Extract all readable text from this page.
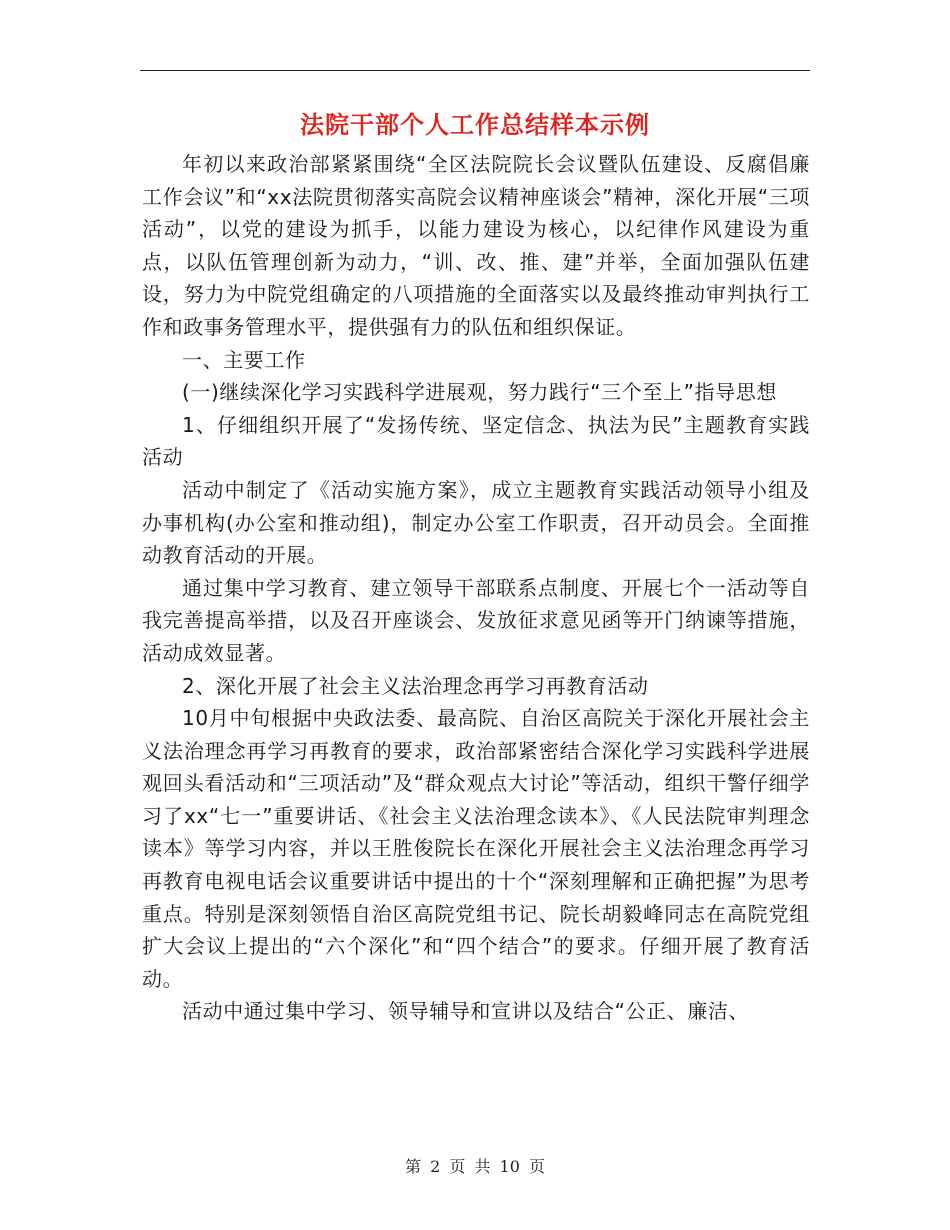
法院干部个人工作总结样本示例

年初以来政治部紧紧围绕“全区法院院长会议暨队伍建设、反腐倡廉工作会议”和“xx法院贯彻落实高院会议精神座谈会”精神，深化开展“三项活动”，以党的建设为抓手，以能力建设为核心，以纪律作风建设为重点，以队伍管理创新为动力，“训、改、推、建”并举，全面加强队伍建设，努力为中院党组确定的八项措施的全面落实以及最终推动审判执行工作和政事务管理水平，提供强有力的队伍和组织保证。

一、主要工作

(一)继续深化学习实践科学进展观，努力践行“三个至上”指导思想

1、仔细组织开展了“发扬传统、坚定信念、执法为民”主题教育实践活动

活动中制定了《活动实施方案》，成立主题教育实践活动领导小组及办事机构(办公室和推动组)，制定办公室工作职责，召开动员会。全面推动教育活动的开展。

通过集中学习教育、建立领导干部联系点制度、开展七个一活动等自我完善提高举措，以及召开座谈会、发放征求意见函等开门纳谏等措施，活动成效显著。

2、深化开展了社会主义法治理念再学习再教育活动

10月中旬根据中央政法委、最高院、自治区高院关于深化开展社会主义法治理念再学习再教育的要求，政治部紧密结合深化学习实践科学进展观回头看活动和“三项活动”及“群众观点大讨论”等活动，组织干警仔细学习了xx“七一”重要讲话、《社会主义法治理念读本》、《人民法院审判理念读本》等学习内容，并以王胜俊院长在深化开展社会主义法治理念再学习再教育电视电话会议重要讲话中提出的十个“深刻理解和正确把握”为思考重点。特别是深刻领悟自治区高院党组书记、院长胡毅峰同志在高院党组扩大会议上提出的“六个深化”和“四个结合”的要求。仔细开展了教育活动。

活动中通过集中学习、领导辅导和宣讲以及结合“公正、廉洁、

第 2 页 共 10 页
